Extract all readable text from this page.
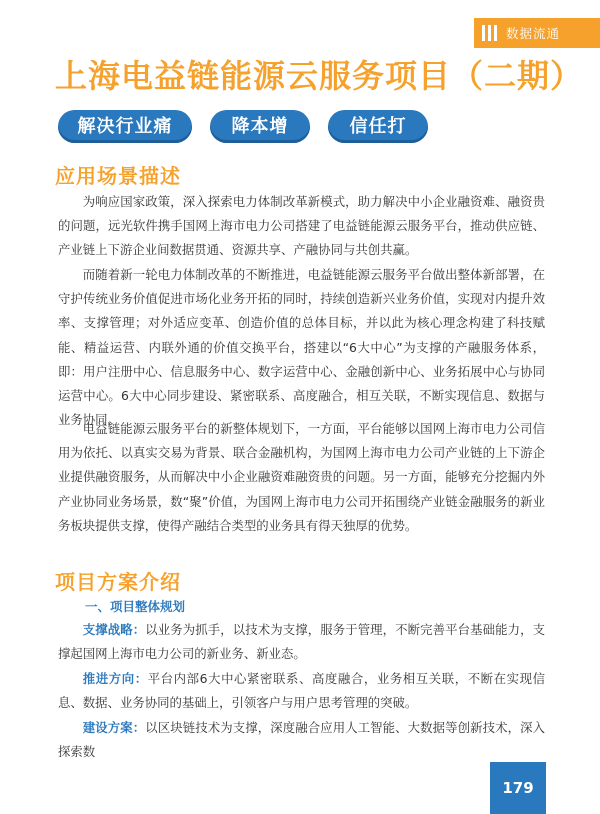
数据流通
上海电益链能源云服务项目（二期）
解决行业痛点
降本增效
信任打造
应用场景描述

为响应国家政策，深入探索电力体制改革新模式，助力解决中小企业融资难、融资贵的问题，远光软件携手国网上海市电力公司搭建了电益链能源云服务平台，推动供应链、产业链上下游企业间数据贯通、资源共享、产融协同与共创共赢。

而随着新一轮电力体制改革的不断推进，电益链能源云服务平台做出整体新部署，在守护传统业务价值促进市场化业务开拓的同时，持续创造新兴业务价值，实现对内提升效率、支撑管理；对外适应变革、创造价值的总体目标，并以此为核心理念构建了科技赋能、精益运营、内联外通的价值交换平台，搭建以“6大中心”为支撑的产融服务体系，即：用户注册中心、信息服务中心、数字运营中心、金融创新中心、业务拓展中心与协同运营中心。6大中心同步建设、紧密联系、高度融合，相互关联，不断实现信息、数据与业务协同。

电益链能源云服务平台的新整体规划下，一方面，平台能够以国网上海市电力公司信用为依托、以真实交易为背景、联合金融机构，为国网上海市电力公司产业链的上下游企业提供融资服务，从而解决中小企业融资难融资贵的问题。另一方面，能够充分挖掘内外产业协同业务场景，数“聚”价值，为国网上海市电力公司开拓围绕产业链金融服务的新业务板块提供支撑，使得产融结合类型的业务具有得天独厚的优势。

项目方案介绍
一、项目整体规划

支撑战略：以业务为抓手，以技术为支撑，服务于管理，不断完善平台基础能力，支撑起国网上海市电力公司的新业务、新业态。

推进方向：平台内部6大中心紧密联系、高度融合，业务相互关联，不断在实现信息、数据、业务协同的基础上，引领客户与用户思考管理的突破。

建设方案：以区块链技术为支撑，深度融合应用人工智能、大数据等创新技术，深入探索数

179
